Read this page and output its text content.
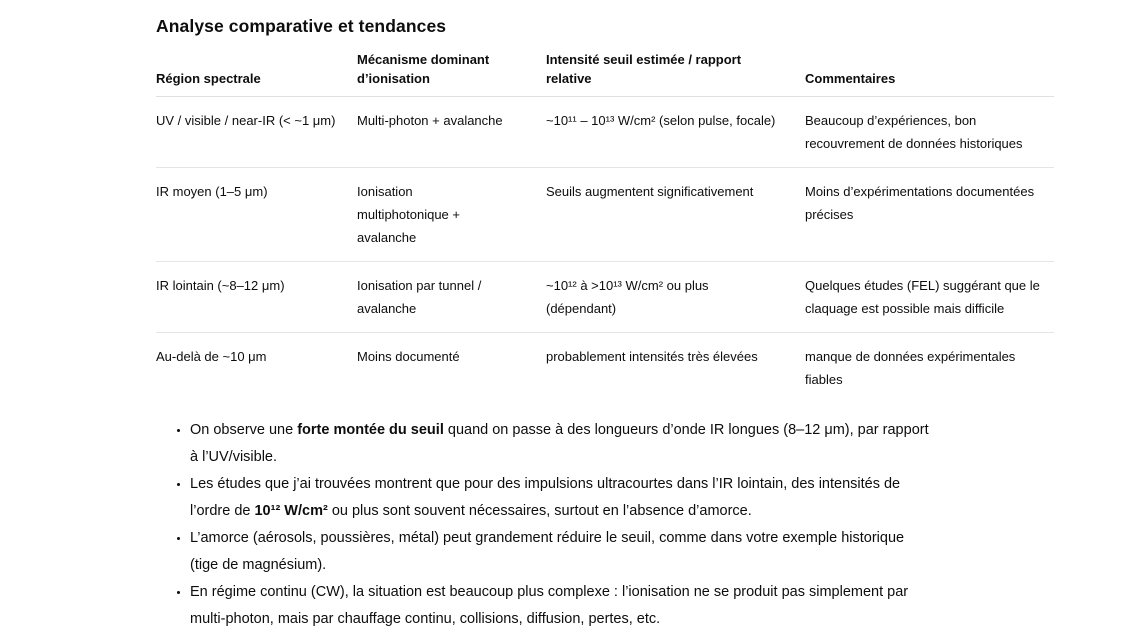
Analyse comparative et tendances
Région spectrale	Mécanisme dominant d’ionisation	Intensité seuil estimée / rapport relative	Commentaires
UV / visible / near-IR (< ~1 μm)	Multi-photon + avalanche	~10¹¹ – 10¹³ W/cm² (selon pulse, focale)	Beaucoup d’expériences, bon recouvrement de données historiques
IR moyen (1–5 μm)	Ionisation multiphotonique + avalanche	Seuils augmentent significativement	Moins d’expérimentations documentées précises
IR lointain (~8–12 μm)	Ionisation par tunnel / avalanche	~10¹² à >10¹³ W/cm² ou plus (dépendant)	Quelques études (FEL) suggérant que le claquage est possible mais difficile
Au-delà de ~10 μm	Moins documenté	probablement intensités très élevées	manque de données expérimentales fiables
• On observe une forte montée du seuil quand on passe à des longueurs d’onde IR longues (8–12 μm), par rapport à l’UV/visible.
• Les études que j’ai trouvées montrent que pour des impulsions ultracourtes dans l’IR lointain, des intensités de l’ordre de 10¹² W/cm² ou plus sont souvent nécessaires, surtout en l’absence d’amorce.
• L’amorce (aérosols, poussières, métal) peut grandement réduire le seuil, comme dans votre exemple historique (tige de magnésium).
• En régime continu (CW), la situation est beaucoup plus complexe : l’ionisation ne se produit pas simplement par multi-photon, mais par chauffage continu, collisions, diffusion, pertes, etc.
